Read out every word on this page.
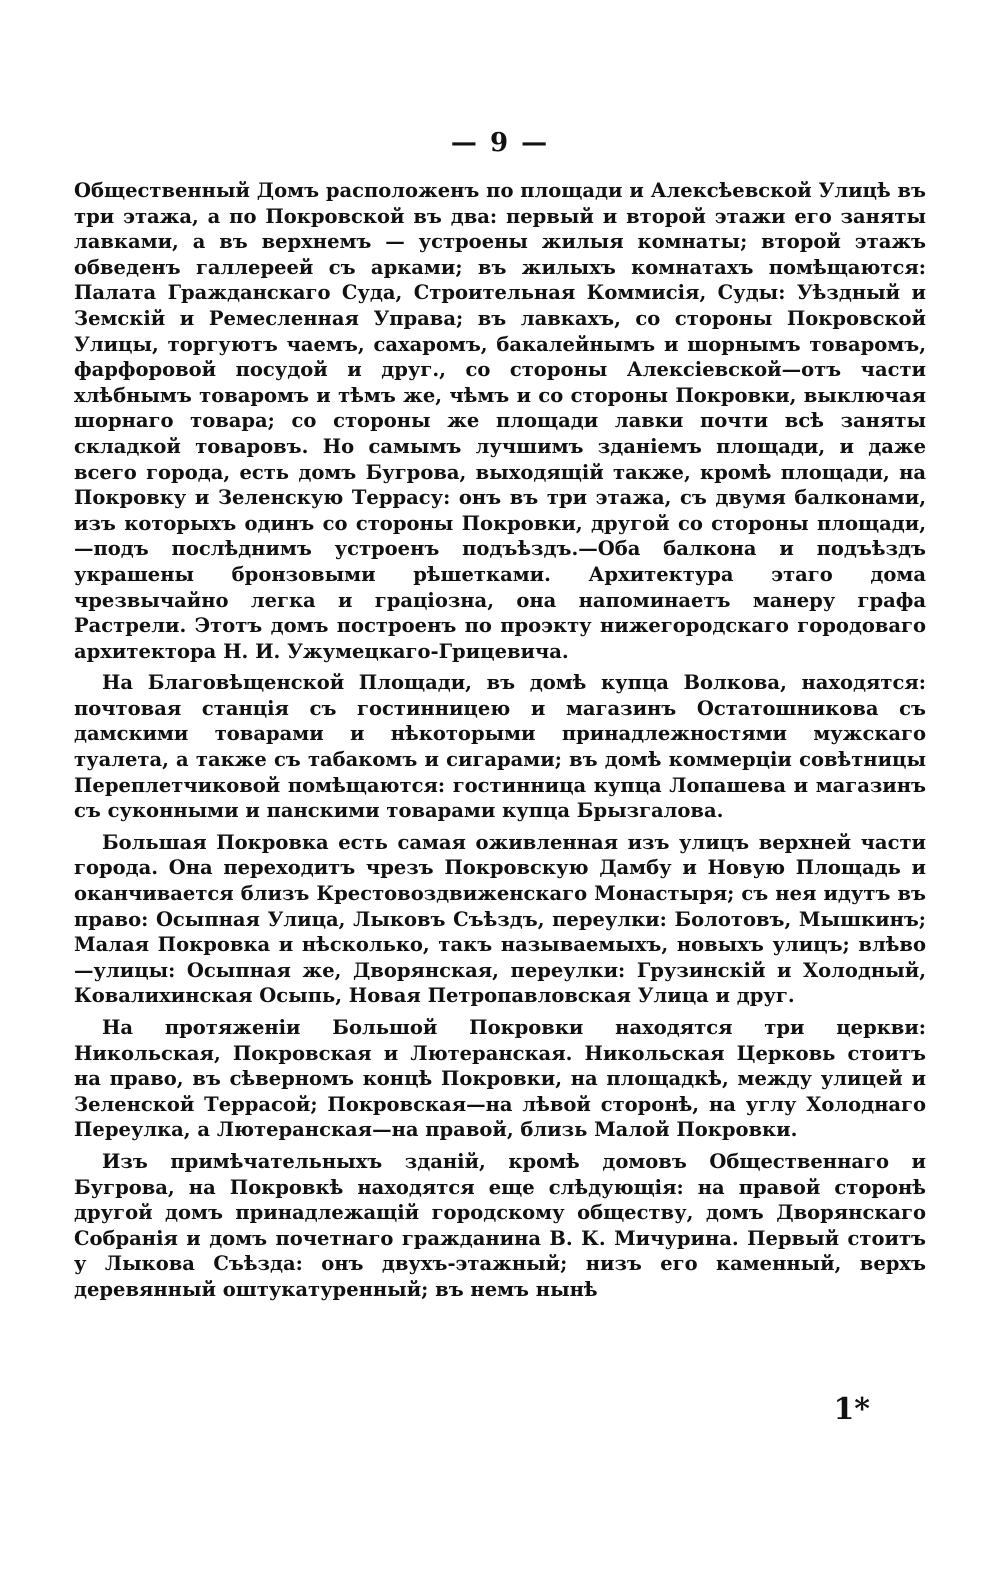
— 9 —

Общественный Домъ расположенъ по площади и Алексѣевской Улицѣ въ три этажа, а по Покровской въ два: первый и второй этажи его заняты лавками, а въ верхнемъ — устроены жилыя комнаты; второй этажъ обведенъ галлереей съ арками; въ жилыхъ комнатахъ помѣщаются: Палата Гражданскаго Суда, Строительная Коммисія, Суды: Уѣздный и Земскій и Ремесленная Управа; въ лавкахъ, со стороны Покровской Улицы, торгуютъ чаемъ, сахаромъ, бакалейнымъ и шорнымъ товаромъ, фарфоровой посудой и друг., со стороны Алексіевской—отъ части хлѣбнымъ товаромъ и тѣмъ же, чѣмъ и со стороны Покровки, выключая шорнаго товара; со стороны же площади лавки почти всѣ заняты складкой товаровъ. Но самымъ лучшимъ зданіемъ площади, и даже всего города, есть домъ Бугрова, выходящій также, кромѣ площади, на Покровку и Зеленскую Террасу: онъ въ три этажа, съ двумя балконами, изъ которыхъ одинъ со стороны Покровки, другой со стороны площади,—подъ послѣднимъ устроенъ подъѣздъ.—Оба балкона и подъѣздъ украшены бронзовыми рѣшетками. Архитектура этаго дома чрезвычайно легка и граціозна, она напоминаетъ манеру графа Растрели. Этотъ домъ построенъ по проэкту нижегородскаго городоваго архитектора Н. И. Ужумецкаго-Грицевича.

На Благовѣщенской Площади, въ домѣ купца Волкова, находятся: почтовая станція съ гостинницею и магазинъ Остатошникова съ дамскими товарами и нѣкоторыми принадлежностями мужскаго туалета, а также съ табакомъ и сигарами; въ домѣ коммерціи совѣтницы Переплетчиковой помѣщаются: гостинница купца Лопашева и магазинъ съ суконными и панскими товарами купца Брызгалова.

Большая Покровка есть самая оживленная изъ улицъ верхней части города. Она переходитъ чрезъ Покровскую Дамбу и Новую Площадь и оканчивается близъ Крестовоздвиженскаго Монастыря; съ нея идутъ въ право: Осыпная Улица, Лыковъ Съѣздъ, переулки: Болотовъ, Мышкинъ; Малая Покровка и нѣсколько, такъ называемыхъ, новыхъ улицъ; влѣво—улицы: Осыпная же, Дворянская, переулки: Грузинскій и Холодный, Ковалихинская Осыпь, Новая Петропавловская Улица и друг.

На протяженіи Большой Покровки находятся три церкви: Никольская, Покровская и Лютеранская. Никольская Церковь стоитъ на право, въ сѣверномъ концѣ Покровки, на площадкѣ, между улицей и Зеленской Террасой; Покровская—на лѣвой сторонѣ, на углу Холоднаго Переулка, а Лютеранская—на правой, близь Малой Покровки.

Изъ примѣчательныхъ зданій, кромѣ домовъ Общественнаго и Бугрова, на Покровкѣ находятся еще слѣдующія: на правой сторонѣ другой домъ принадлежащій городскому обществу, домъ Дворянскаго Собранія и домъ почетнаго гражданина В. К. Мичурина. Первый стоитъ у Лыкова Съѣзда: онъ двухъ-этажный; низъ его каменный, верхъ деревянный оштукатуренный; въ немъ нынѣ

1*
